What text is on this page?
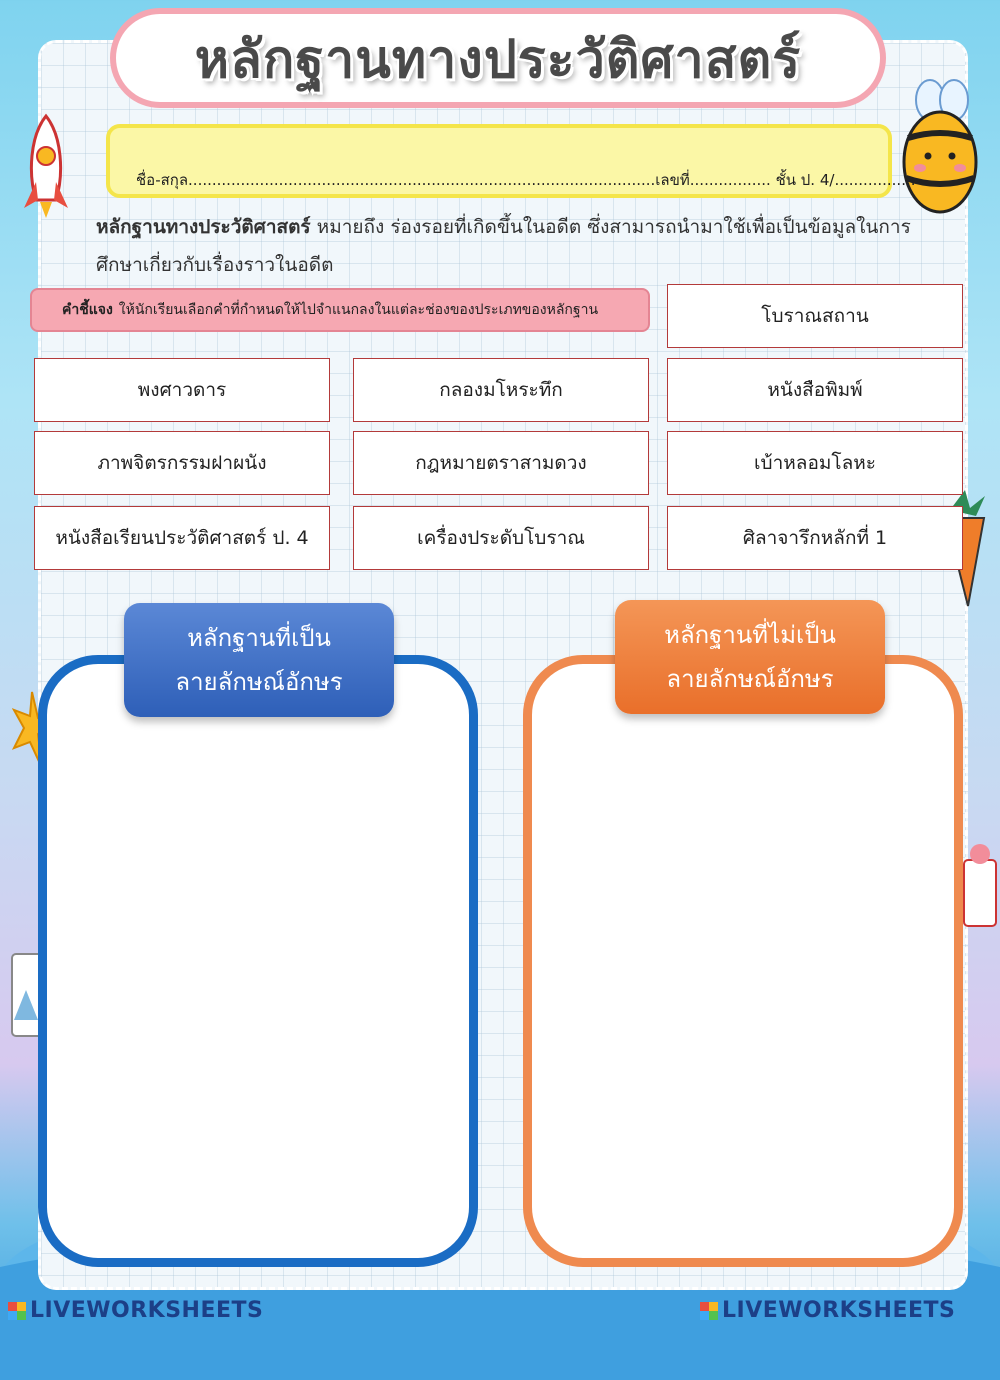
หลักฐานทางประวัติศาสตร์
ชื่อ-สกุล..................................................................................................เลขที่................. ชั้น ป. 4/.................
หลักฐานทางประวัติศาสตร์ หมายถึง ร่องรอยที่เกิดขึ้นในอดีต ซึ่งสามารถนำมาใช้เพื่อเป็นข้อมูลในการศึกษาเกี่ยวกับเรื่องราวในอดีต
คำชี้แจง ให้นักเรียนเลือกคำที่กำหนดให้ไปจำแนกลงในแต่ละช่องของประเภทของหลักฐาน	โบราณสถาน
พงศาวดาร	กลองมโหระทึก	หนังสือพิมพ์
ภาพจิตรกรรมฝาผนัง	กฎหมายตราสามดวง	เบ้าหลอมโลหะ
หนังสือเรียนประวัติศาสตร์ ป. 4	เครื่องประดับโบราณ	ศิลาจารึกหลักที่ 1
หลักฐานที่เป็น
ลายลักษณ์อักษร
หลักฐานที่ไม่เป็น
ลายลักษณ์อักษร
LIVEWORKSHEETS	LIVEWORKSHEETS
